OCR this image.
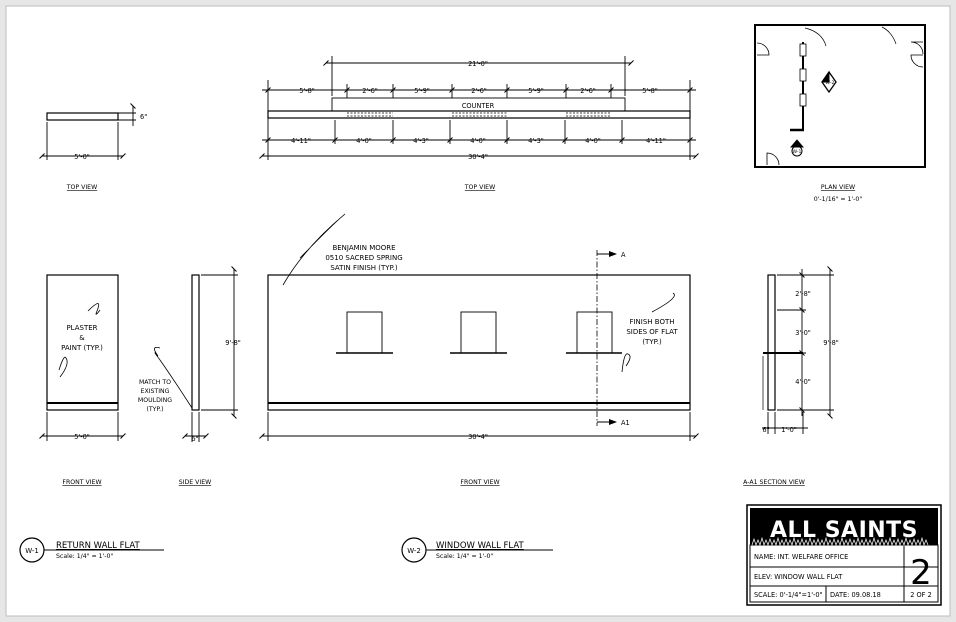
6"
5'-0"
TOP VIEW
21'-0"
5'-8"	2'-6"	5'-9"	2'-6"	5'-9"	2'-6"	5'-8"
COUNTER
4'-11"	4'-0"	4'-3"	4'-0"	4'-3"	4'-0"	4'-11"
30'-4"
TOP VIEW
W-2
W-1
PLAN VIEW
0'-1/16" = 1'-0"
PLASTER
&
PAINT (TYP.)
5'-0"
FRONT VIEW
MATCH TO
EXISTING
MOULDING
(TYP.)
9'-8"
6"
SIDE VIEW
BENJAMIN MOORE
0510 SACRED SPRING
SATIN FINISH (TYP.)
FINISH BOTH
SIDES OF FLAT
(TYP.)
A
A1
30'-4"
FRONT VIEW
2'-8"
3'-0"
4'-0"
9'-8"
6" 1'-0"
A-A1 SECTION VIEW
W-1 RETURN WALL FLAT
Scale: 1/4" = 1'-0"
W-2 WINDOW WALL FLAT
Scale: 1/4" = 1'-0"
ALL SAINTS
NAME: INT. WELFARE OFFICE
ELEV: WINDOW WALL FLAT
SCALE: 0'-1/4"=1'-0" DATE: 09.08.18
2
2 OF 2
